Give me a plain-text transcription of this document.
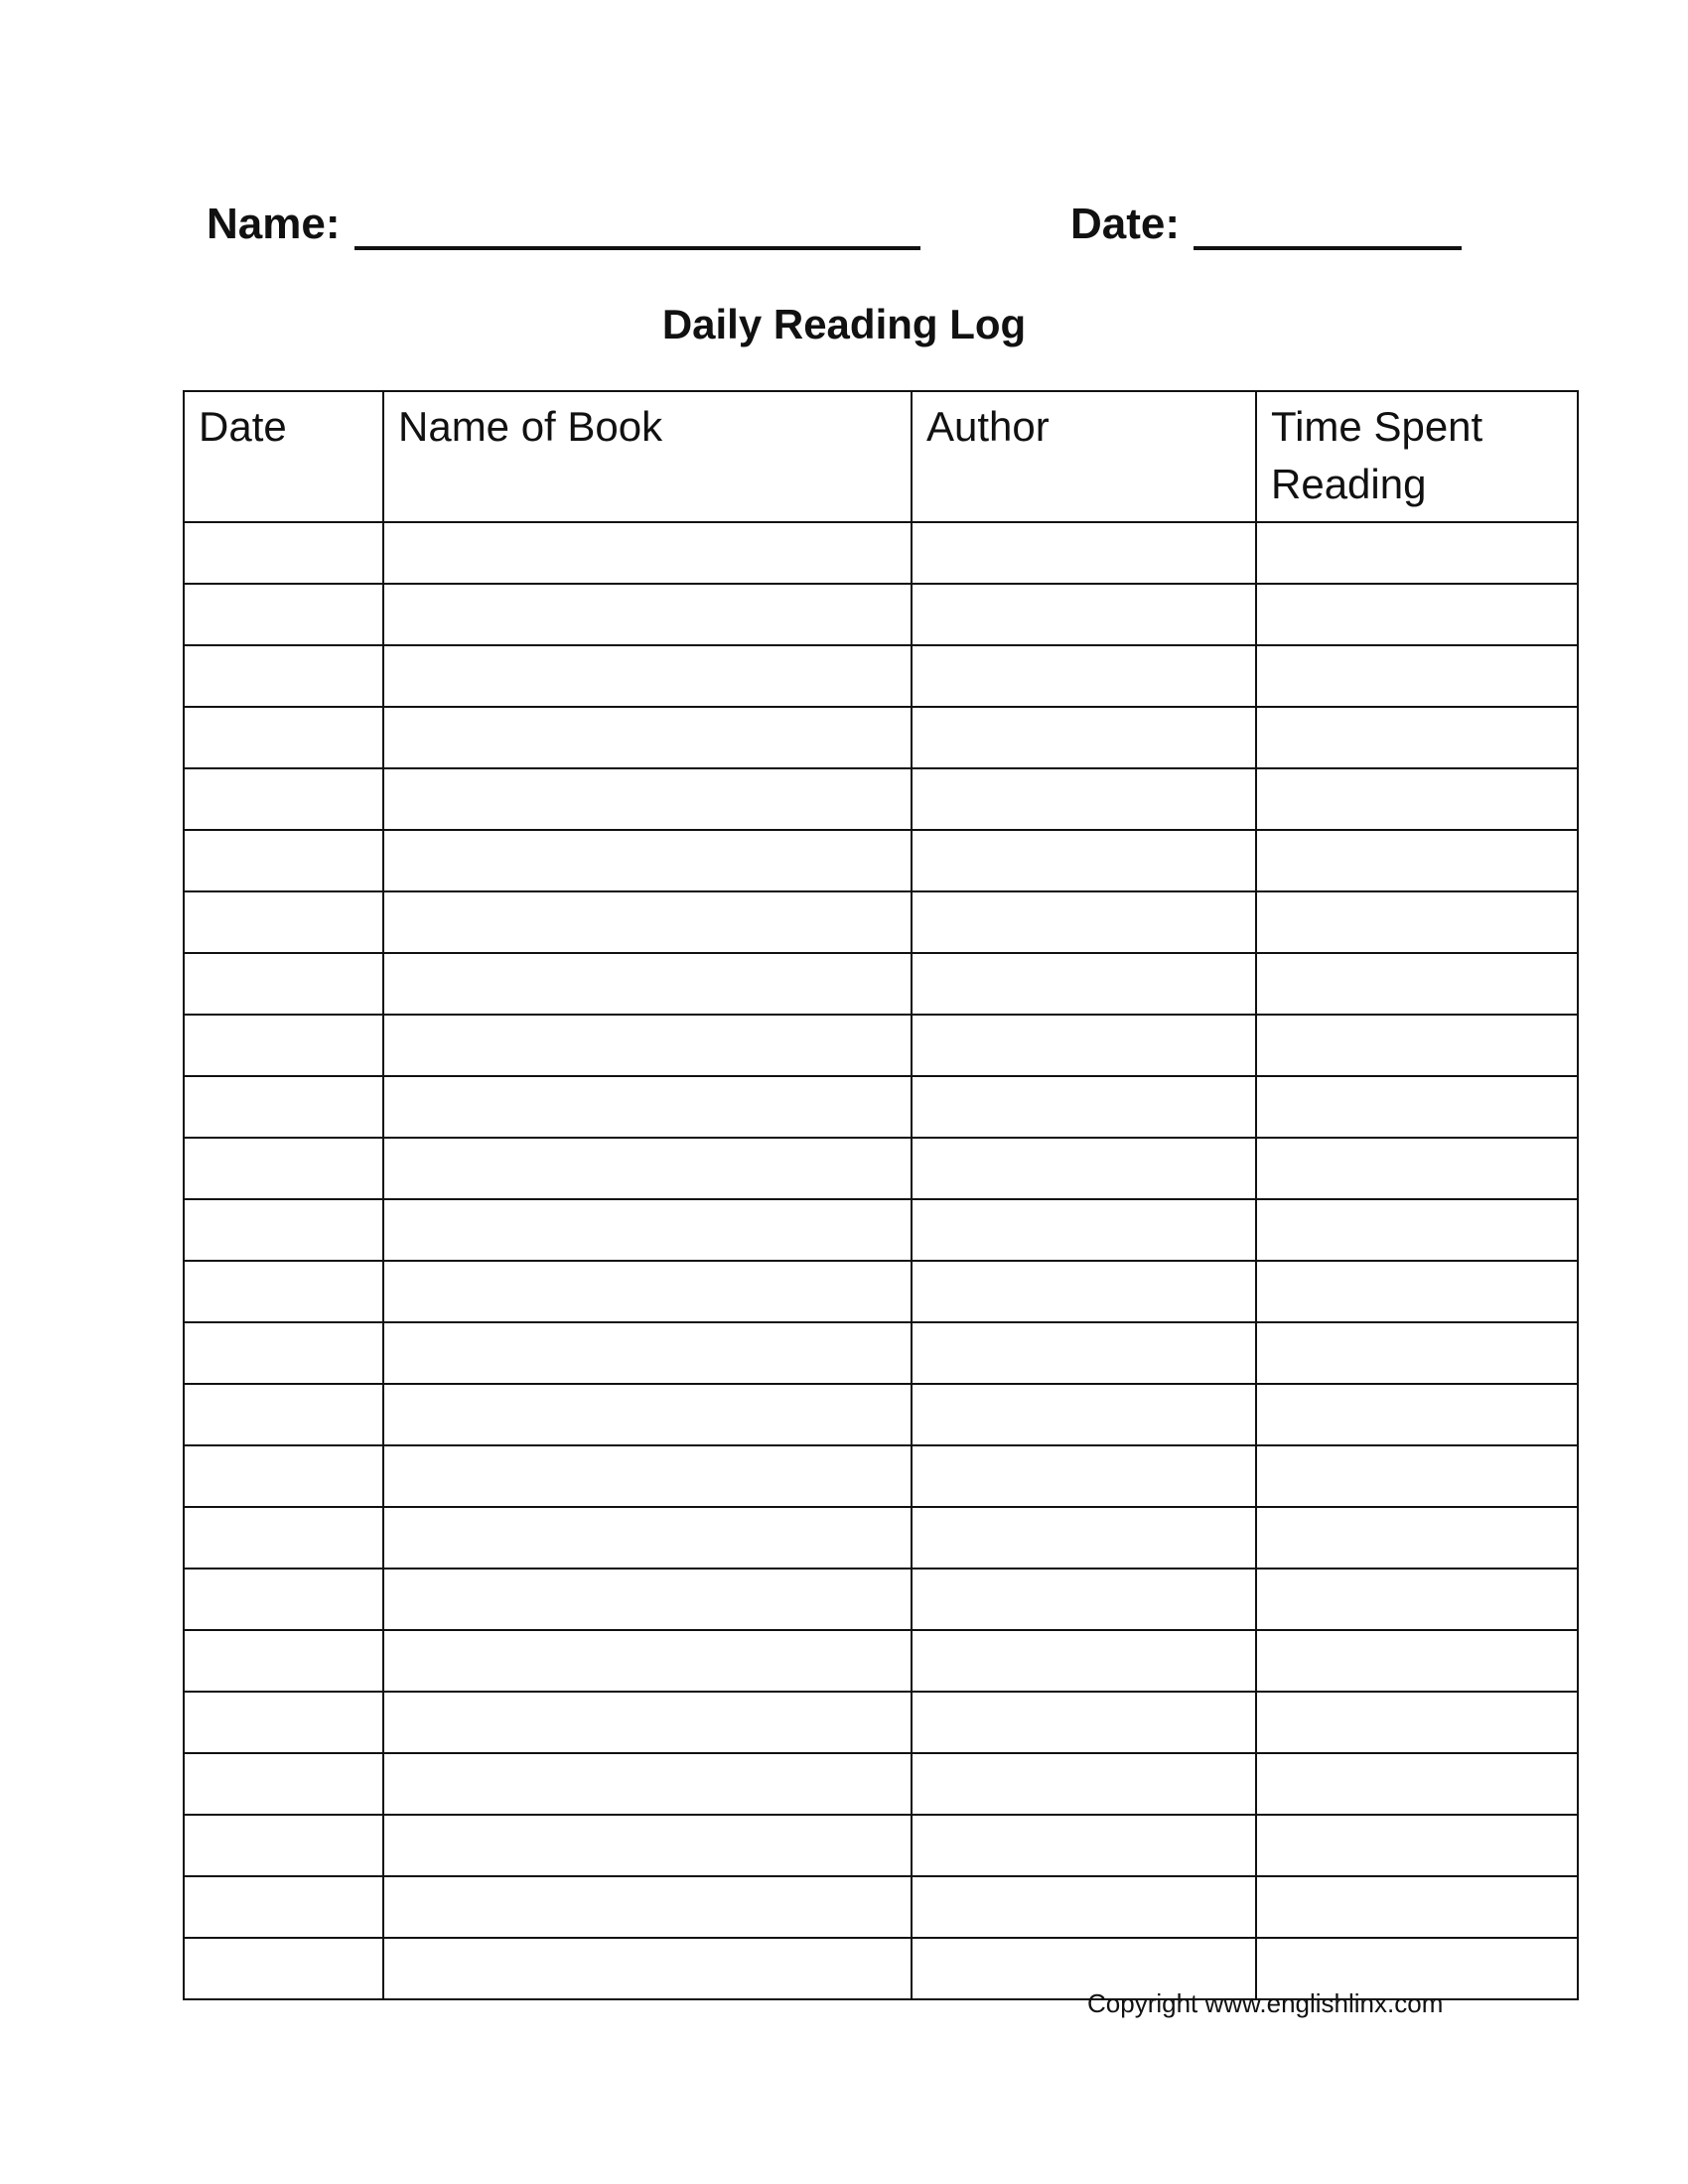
Name:	Date:
Daily Reading Log
Date	Name of Book	Author	Time Spent Reading

Copyright www.englishlinx.com
